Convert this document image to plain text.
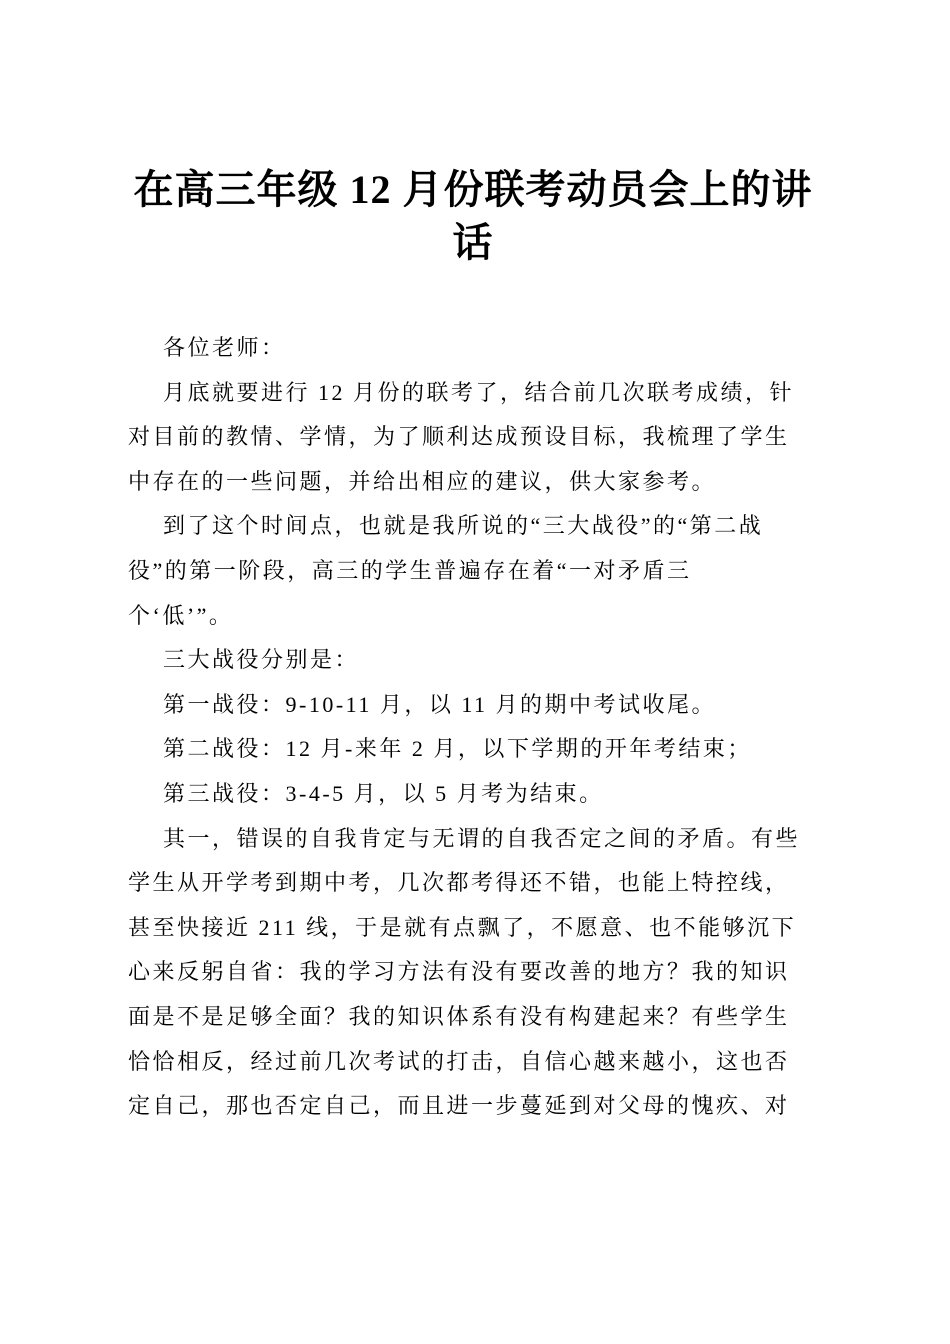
在高三年级 12 月份联考动员会上的讲
话
各位老师：
月底就要进行 12 月份的联考了，结合前几次联考成绩，针
对目前的教情、学情，为了顺利达成预设目标，我梳理了学生
中存在的一些问题，并给出相应的建议，供大家参考。
到了这个时间点，也就是我所说的“三大战役”的“第二战
役”的第一阶段，高三的学生普遍存在着“一对矛盾三
个‘低’”。
三大战役分别是：
第一战役：9-10-11 月，以 11 月的期中考试收尾。
第二战役：12 月-来年 2 月，以下学期的开年考结束；
第三战役：3-4-5 月，以 5 月考为结束。
其一，错误的自我肯定与无谓的自我否定之间的矛盾。有些
学生从开学考到期中考，几次都考得还不错，也能上特控线，
甚至快接近 211 线，于是就有点飘了，不愿意、也不能够沉下
心来反躬自省：我的学习方法有没有要改善的地方？我的知识
面是不是足够全面？我的知识体系有没有构建起来？有些学生
恰恰相反，经过前几次考试的打击，自信心越来越小，这也否
定自己，那也否定自己，而且进一步蔓延到对父母的愧疚、对
